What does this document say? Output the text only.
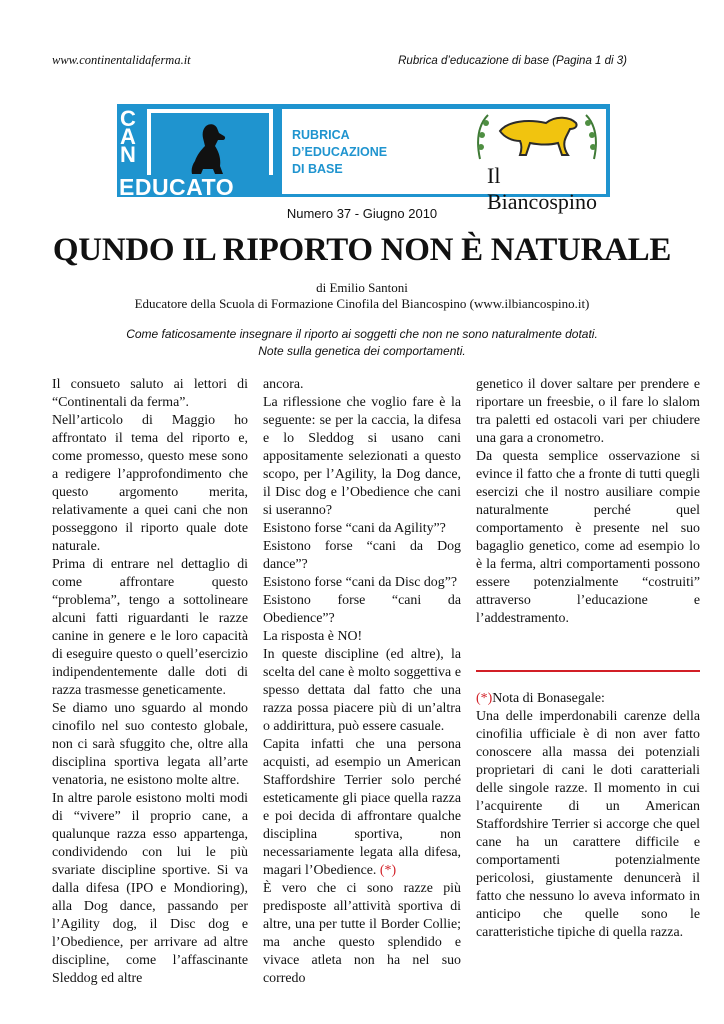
www.continentalidaferma.it	Rubrica d’educazione di base (Pagina 1 di 3)
C
A
N
EDUCATO
RUBRICA
D’EDUCAZIONE
DI BASE	Il Biancospino
Numero 37 - Giugno 2010
QUNDO IL RIPORTO NON È NATURALE
di Emilio Santoni
Educatore della Scuola di Formazione Cinofila del Biancospino (www.ilbiancospino.it)
Come faticosamente insegnare il riporto ai soggetti che non ne sono naturalmente dotati.
Note sulla genetica dei comportamenti.

Il consueto saluto ai lettori di “Continentali da ferma”.

Nell’articolo di Maggio ho affrontato il tema del riporto e, come promesso, questo mese sono a redigere l’approfondimento che questo argomento merita, relativamente a quei cani che non posseggono il riporto quale dote naturale.

Prima di entrare nel dettaglio di come affrontare questo “problema”, tengo a sottolineare alcuni fatti riguardanti le razze canine in genere e le loro capacità di eseguire questo o quell’esercizio indipendentemente dalle doti di razza trasmesse geneticamente.

Se diamo uno sguardo al mondo cinofilo nel suo contesto globale, non ci sarà sfuggito che, oltre alla disciplina sportiva legata all’arte venatoria, ne esistono molte altre.

In altre parole esistono molti modi di “vivere” il proprio cane, a qualunque razza esso appartenga, condividendo con lui le più svariate discipline sportive. Si va dalla difesa (IPO e Mondioring), alla Dog dance, passando per l’Agility dog, il Disc dog e l’Obedience, per arrivare ad altre discipline, come l’affascinante Sleddog ed altre

ancora.

La riflessione che voglio fare è la seguente: se per la caccia, la difesa e lo Sleddog si usano cani appositamente selezionati a questo scopo, per l’Agility, la Dog dance, il Disc dog e l’Obedience che cani si useranno?

Esistono forse “cani da Agility”?

Esistono forse “cani da Dog dance”?

Esistono forse “cani da Disc dog”?

Esistono forse “cani da Obedience”?

La risposta è NO!

In queste discipline (ed altre), la scelta del cane è molto soggettiva e spesso dettata dal fatto che una razza possa piacere più di un’altra o addirittura, può essere casuale.

Capita infatti che una persona acquisti, ad esempio un American Staffordshire Terrier solo perché esteticamente gli piace quella razza e poi decida di affrontare qualche disciplina sportiva, non necessariamente legata alla difesa, magari l’Obedience. (*)

È vero che ci sono razze più predisposte all’attività sportiva di altre, una per tutte il Border Collie; ma anche questo splendido e vivace atleta non ha nel suo corredo

genetico il dover saltare per prendere e riportare un freesbie, o il fare lo slalom tra paletti ed ostacoli vari per chiudere una gara a cronometro.

Da questa semplice osservazione si evince il fatto che a fronte di tutti quegli esercizi che il nostro ausiliare compie naturalmente perché quel comportamento è presente nel suo bagaglio genetico, come ad esempio lo è la ferma, altri comportamenti possono essere potenzialmente “costruiti” attraverso l’educazione e l’addestramento.

(*)Nota di Bonasegale:

Una delle imperdonabili carenze della cinofilia ufficiale è di non aver fatto conoscere alla massa dei potenziali proprietari di cani le doti caratteriali delle singole razze. Il momento in cui l’acquirente di un American Staffordshire Terrier si accorge che quel cane ha un carattere difficile e comportamenti potenzialmente pericolosi, giustamente denuncerà il fatto che nessuno lo aveva informato in anticipo che quelle sono le caratteristiche tipiche di quella razza.
